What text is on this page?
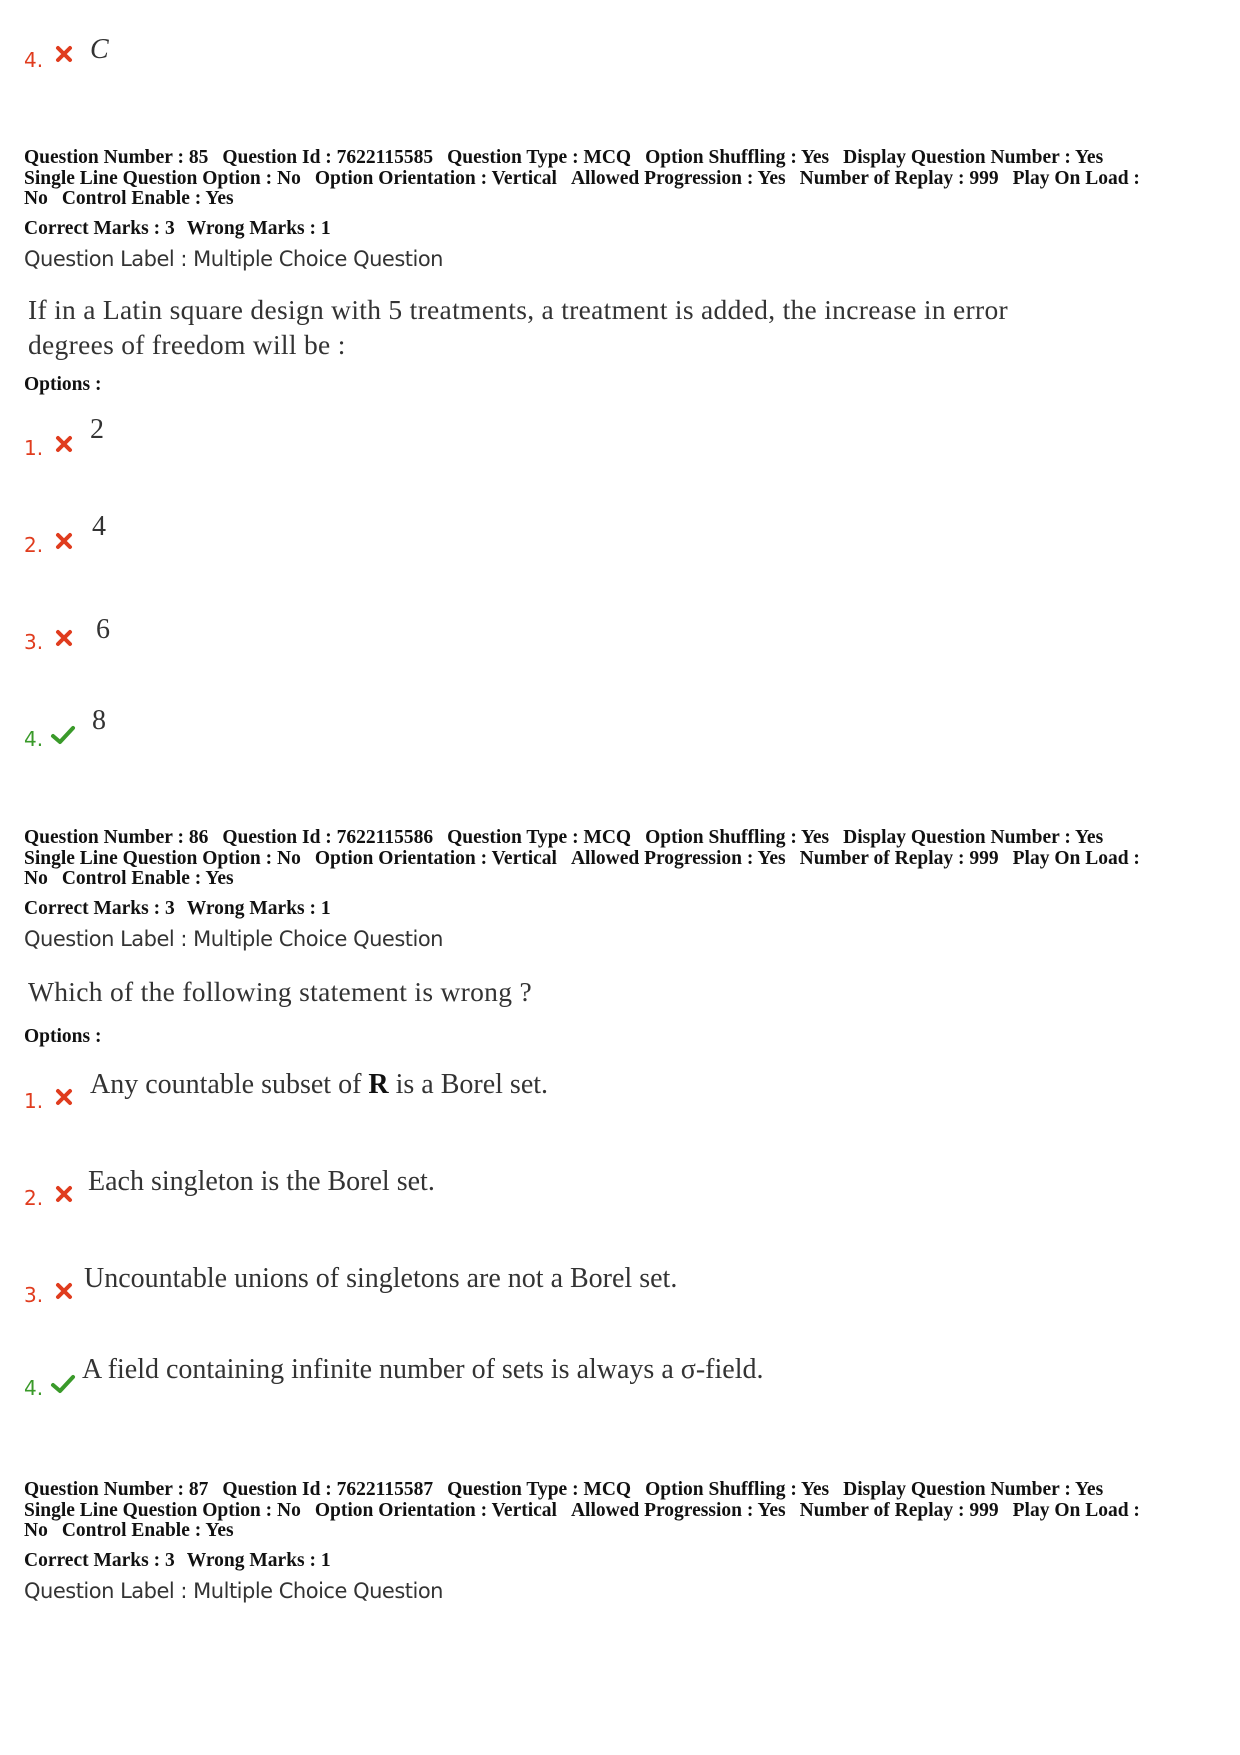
4. C
Question Number : 85 Question Id : 7622115585 Question Type : MCQ Option Shuffling : Yes Display Question Number : Yes
Single Line Question Option : No Option Orientation : Vertical Allowed Progression : Yes Number of Replay : 999 Play On Load :
No Control Enable : Yes
Correct Marks : 3 Wrong Marks : 1
Question Label : Multiple Choice Question
If in a Latin square design with 5 treatments, a treatment is added, the increase in error
degrees of freedom will be :
Options :
1.
2
2.
4
3. 6
4.
8
Question Number : 86 Question Id : 7622115586 Question Type : MCQ Option Shuffling : Yes Display Question Number : Yes
Single Line Question Option : No Option Orientation : Vertical Allowed Progression : Yes Number of Replay : 999 Play On Load :
No Control Enable : Yes
Correct Marks : 3 Wrong Marks : 1
Question Label : Multiple Choice Question
Which of the following statement is wrong ?
Options :
1.
Any countable subset of R is a Borel set.
2.
Each singleton is the Borel set.
3.
Uncountable unions of singletons are not a Borel set.
4.
A field containing infinite number of sets is always a σ-field.
Question Number : 87 Question Id : 7622115587 Question Type : MCQ Option Shuffling : Yes Display Question Number : Yes
Single Line Question Option : No Option Orientation : Vertical Allowed Progression : Yes Number of Replay : 999 Play On Load :
No Control Enable : Yes
Correct Marks : 3 Wrong Marks : 1
Question Label : Multiple Choice Question
